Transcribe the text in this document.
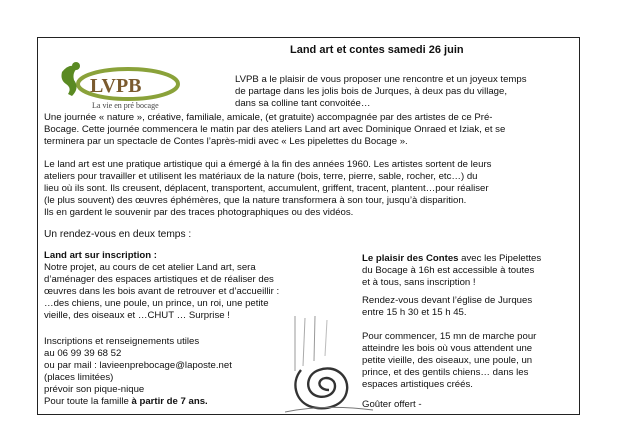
LVPB
La vie en pré bocage
Land art et contes samedi 26 juin

LVPB a le plaisir de vous proposer une rencontre et un joyeux temps
de partage dans les jolis bois de Jurques, à deux pas du village,
dans sa colline tant convoitée…

Une journée « nature », créative, familiale, amicale, (et gratuite) accompagnée par des artistes de ce Pré-
Bocage. Cette journée commencera le matin par des ateliers Land art avec Dominique Onraed et Iziak, et se
terminera par un spectacle de Contes l’après-midi avec « Les pipelettes du Bocage ».

Le land art est une pratique artistique qui a émergé à la fin des années 1960. Les artistes sortent de leurs
ateliers pour travailler et utilisent les matériaux de la nature (bois, terre, pierre, sable, rocher, etc…) du
lieu où ils sont. Ils creusent, déplacent, transportent, accumulent, griffent, tracent, plantent…pour réaliser
(le plus souvent) des œuvres éphémères, que la nature transformera à son tour, jusqu’à disparition.
Ils en gardent le souvenir par des traces photographiques ou des vidéos.

Un rendez-vous en deux temps :
Land art sur inscription :

Notre projet, au cours de cet atelier Land art, sera
d’aménager des espaces artistiques et de réaliser des
œuvres dans les bois avant de retrouver et d’accueillir :
…des chiens, une poule, un prince, un roi, une petite
vieille, des oiseaux et …CHUT … Surprise !

Inscriptions et renseignements utiles
au 06 99 39 68 52
ou par mail : lavieenprebocage@laposte.net
(places limitées)
prévoir son pique-nique

Pour toute la famille à partir de 7 ans.

Le plaisir des Contes avec les Pipelettes
du Bocage à 16h est accessible à toutes
et à tous, sans inscription !

Rendez-vous devant l’église de Jurques
entre 15 h 30 et 15 h 45.

Pour commencer, 15 mn de marche pour
atteindre les bois où vous attendent une
petite vieille, des oiseaux, une poule, un
prince, et des gentils chiens… dans les
espaces artistiques créés.

Goûter offert -
